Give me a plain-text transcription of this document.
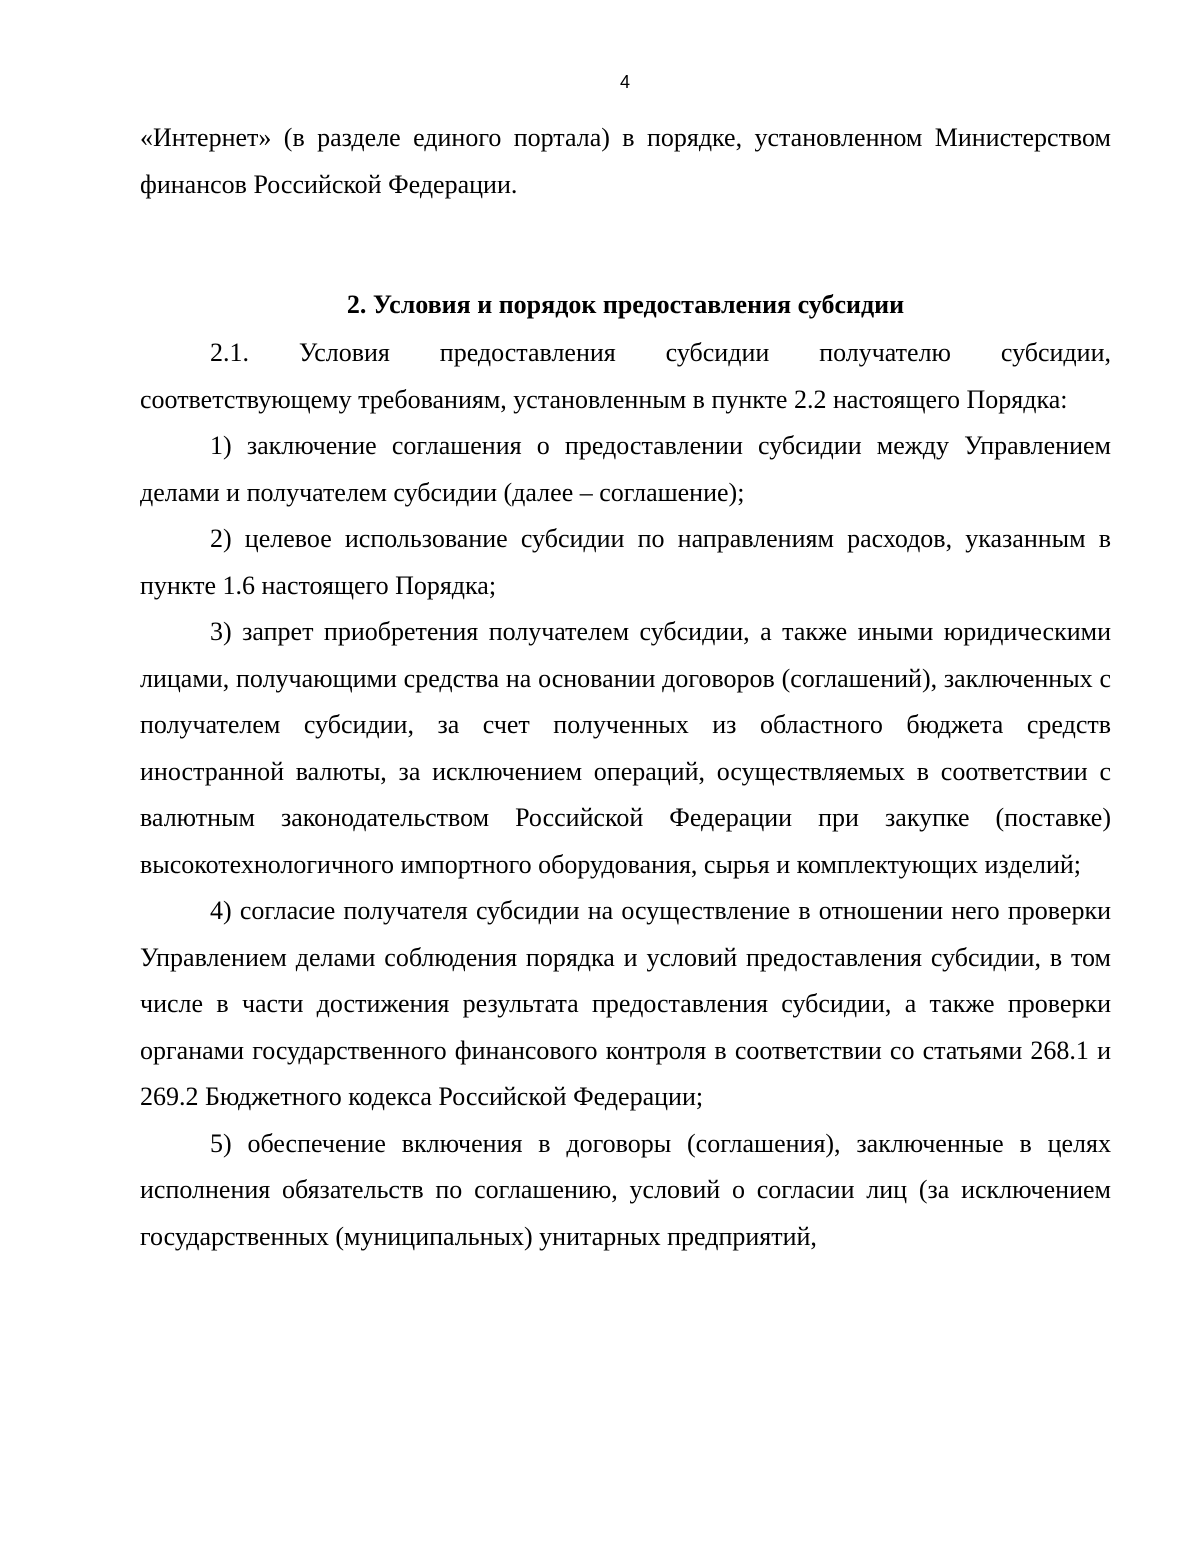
4

«Интернет» (в разделе единого портала) в порядке, установленном Министерством финансов Российской Федерации.

2. Условия и порядок предоставления субсидии

2.1. Условия предоставления субсидии получателю субсидии, соответствующему требованиям, установленным в пункте 2.2 настоящего Порядка:

1) заключение соглашения о предоставлении субсидии между Управлением делами и получателем субсидии (далее – соглашение);

2) целевое использование субсидии по направлениям расходов, указанным в пункте 1.6 настоящего Порядка;

3) запрет приобретения получателем субсидии, а также иными юридическими лицами, получающими средства на основании договоров (соглашений), заключенных с получателем субсидии, за счет полученных из областного бюджета средств иностранной валюты, за исключением операций, осуществляемых в соответствии с валютным законодательством Российской Федерации при закупке (поставке) высокотехнологичного импортного оборудования, сырья и комплектующих изделий;

4) согласие получателя субсидии на осуществление в отношении него проверки Управлением делами соблюдения порядка и условий предоставления субсидии, в том числе в части достижения результата предоставления субсидии, а также проверки органами государственного финансового контроля в соответствии со статьями 268.1 и 269.2 Бюджетного кодекса Российской Федерации;

5) обеспечение включения в договоры (соглашения), заключенные в целях исполнения обязательств по соглашению, условий о согласии лиц (за исключением государственных (муниципальных) унитарных предприятий,
